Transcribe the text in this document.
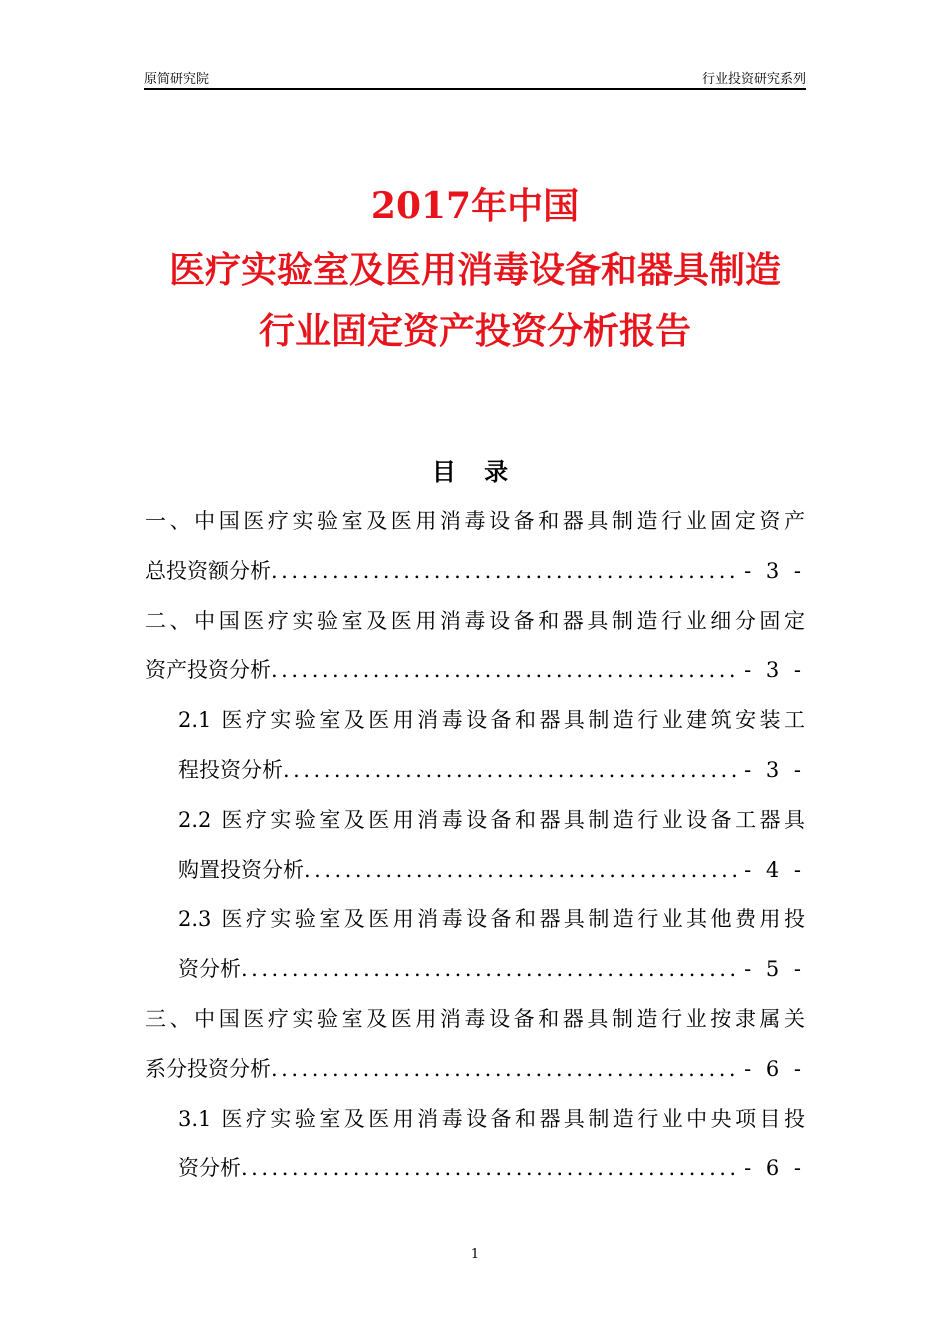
原简研究院	行业投资研究系列
2017年中国
医疗实验室及医用消毒设备和器具制造
行业固定资产投资分析报告
目 录
一、中国医疗实验室及医用消毒设备和器具制造行业固定资产
总投资额分析 .....	- 3 -
二、中国医疗实验室及医用消毒设备和器具制造行业细分固定
资产投资分析 .....	- 3 -
2.1 医疗实验室及医用消毒设备和器具制造行业建筑安装工
程投资分析 .....	- 3 -
2.2 医疗实验室及医用消毒设备和器具制造行业设备工器具
购置投资分析 .....	- 4 -
2.3 医疗实验室及医用消毒设备和器具制造行业其他费用投
资分析 .....	- 5 -
三、中国医疗实验室及医用消毒设备和器具制造行业按隶属关
系分投资分析 .....	- 6 -
3.1 医疗实验室及医用消毒设备和器具制造行业中央项目投
资分析 .....	- 6 -
1
